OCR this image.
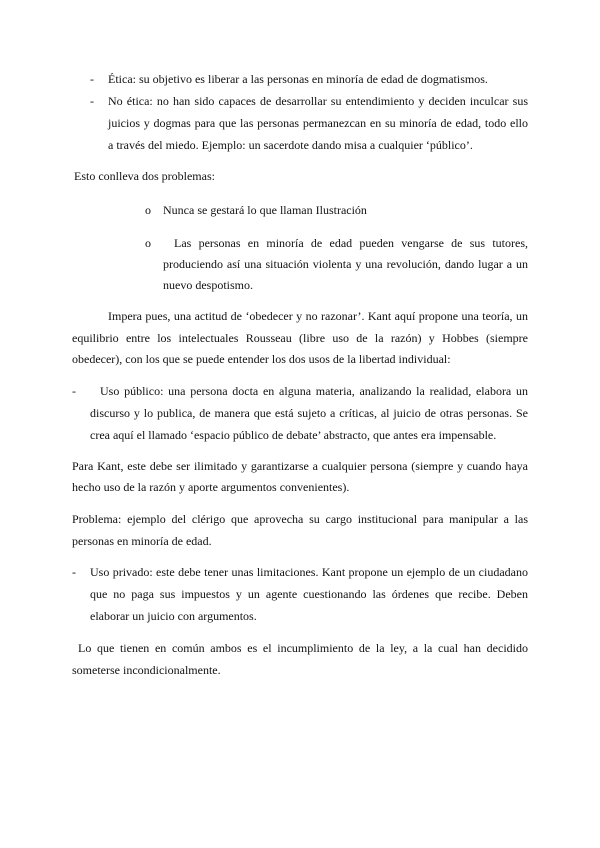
- Ética: su objetivo es liberar a las personas en minoría de edad de dogmatismos.
- No ética: no han sido capaces de desarrollar su entendimiento y deciden inculcar sus
juicios y dogmas para que las personas permanezcan en su minoría de edad, todo ello
a través del miedo. Ejemplo: un sacerdote dando misa a cualquier ‘público’.
Esto conlleva dos problemas:
o Nunca se gestará lo que llaman Ilustración
o Las personas en minoría de edad pueden vengarse de sus tutores,
produciendo así una situación violenta y una revolución, dando lugar a un
nuevo despotismo.
Impera pues, una actitud de ‘obedecer y no razonar’. Kant aquí propone una teoría, un
equilibrio entre los intelectuales Rousseau (libre uso de la razón) y Hobbes (siempre
obedecer), con los que se puede entender los dos usos de la libertad individual:
- Uso público: una persona docta en alguna materia, analizando la realidad, elabora un
discurso y lo publica, de manera que está sujeto a críticas, al juicio de otras personas. Se
crea aquí el llamado ‘espacio público de debate’ abstracto, que antes era impensable.
Para Kant, este debe ser ilimitado y garantizarse a cualquier persona (siempre y cuando haya
hecho uso de la razón y aporte argumentos convenientes).
Problema: ejemplo del clérigo que aprovecha su cargo institucional para manipular a las
personas en minoría de edad.
- Uso privado: este debe tener unas limitaciones. Kant propone un ejemplo de un ciudadano
que no paga sus impuestos y un agente cuestionando las órdenes que recibe. Deben
elaborar un juicio con argumentos.
Lo que tienen en común ambos es el incumplimiento de la ley, a la cual han decidido
someterse incondicionalmente.
